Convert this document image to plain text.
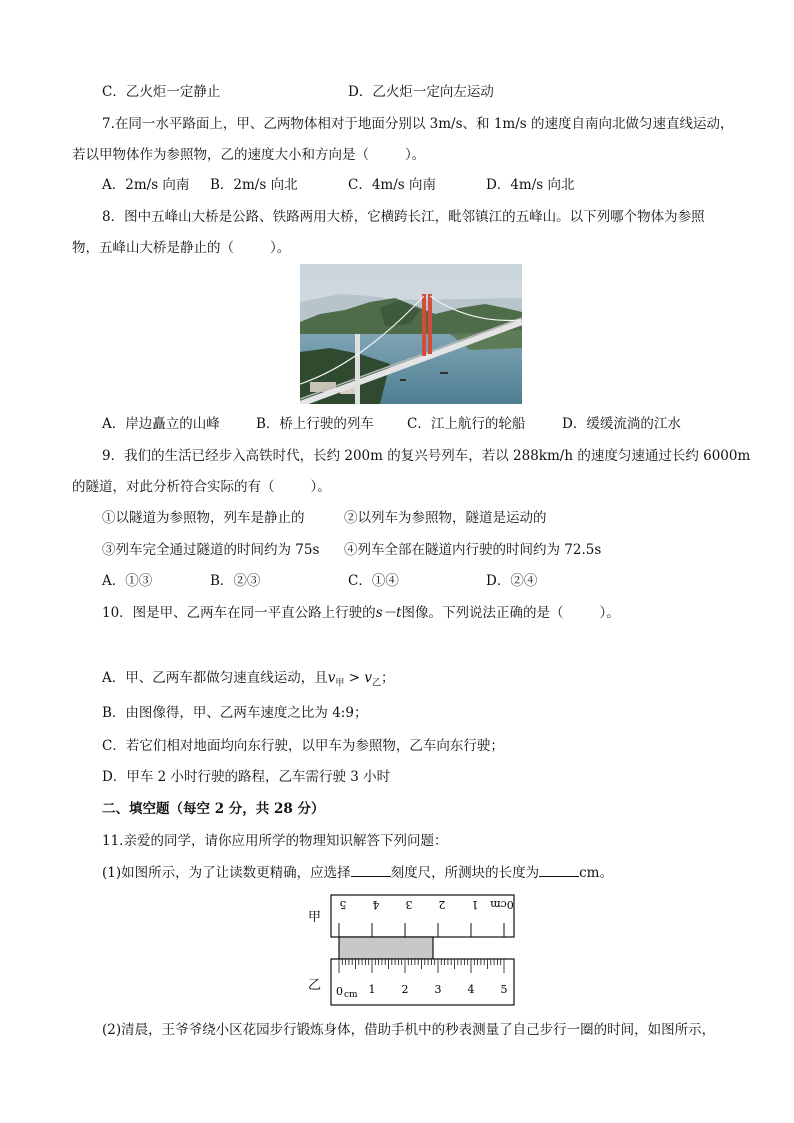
C．乙火炬一定静止	D．乙火炬一定向左运动
7.在同一水平路面上，甲、乙两物体相对于地面分别以 3m/s、和 1m/s 的速度自南向北做匀速直线运动，
若以甲物体作为参照物，乙的速度大小和方向是（	）。
A．2m/s 向南 B．2m/s 向北	C．4m/s 向南	D．4m/s 向北
8．图中五峰山大桥是公路、铁路两用大桥，它横跨长江，毗邻镇江的五峰山。以下列哪个物体为参照
物，五峰山大桥是静止的（	）。
A．岸边矗立的山峰	B．桥上行驶的列车 C．江上航行的轮船	D．缓缓流淌的江水
9．我们的生活已经步入高铁时代，长约 200m 的复兴号列车，若以 288km/h 的速度匀速通过长约 6000m
的隧道，对此分析符合实际的有（	）。
①以隧道为参照物，列车是静止的	②以列车为参照物，隧道是运动的
③列车完全通过隧道的时间约为 75s ④列车全部在隧道内行驶的时间约为 72.5s
A．①③	B．②③	C．①④	D．②④
10．图是甲、乙两车在同一平直公路上行驶的s－t图像。下列说法正确的是（	）。
A．甲、乙两车都做匀速直线运动，且$v_甲 > v_乙$；
B．由图像得，甲、乙两车速度之比为 4:9；
C．若它们相对地面均向东行驶，以甲车为参照物，乙车向东行驶；
D．甲车 2 小时行驶的路程，乙车需行驶 3 小时
二、填空题（每空 2 分，共 28 分）
11.亲爱的同学，请你应用所学的物理知识解答下列问题：
(1)如图所示，为了让读数更精确，应选择	刻度尺，所测块的长度为	cm。
甲
乙
5 4 3 2 1 0cm
0 cm 1 2 3 4 5
(2)清晨，王爷爷绕小区花园步行锻炼身体，借助手机中的秒表测量了自己步行一圈的时间，如图所示，
